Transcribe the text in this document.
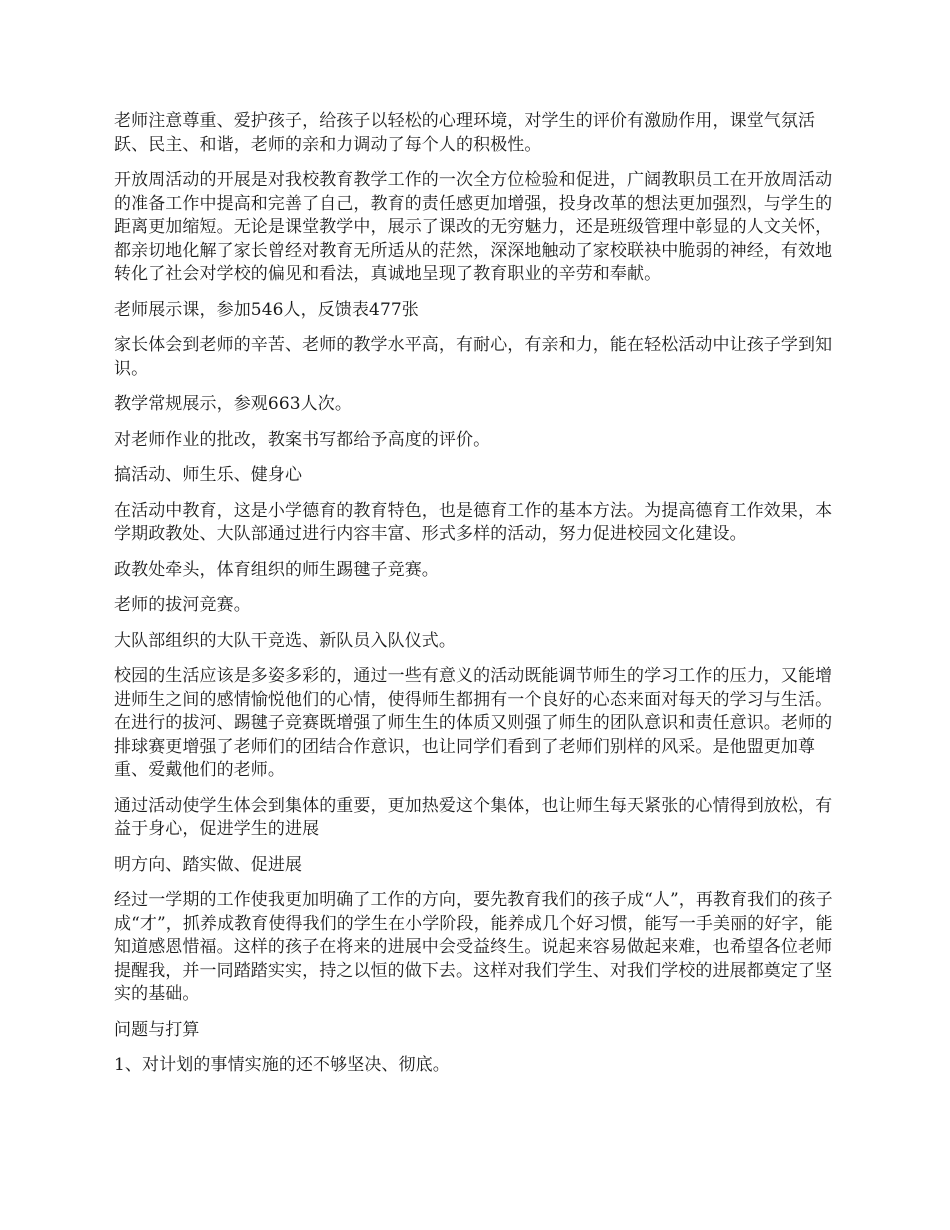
老师注意尊重、爱护孩子，给孩子以轻松的心理环境，对学生的评价有激励作用，课堂气氛活跃、民主、和谐，老师的亲和力调动了每个人的积极性。

开放周活动的开展是对我校教育教学工作的一次全方位检验和促进，广阔教职员工在开放周活动的准备工作中提高和完善了自己，教育的责任感更加增强，投身改革的想法更加强烈，与学生的距离更加缩短。无论是课堂教学中，展示了课改的无穷魅力，还是班级管理中彰显的人文关怀，都亲切地化解了家长曾经对教育无所适从的茫然，深深地触动了家校联袂中脆弱的神经，有效地转化了社会对学校的偏见和看法，真诚地呈现了教育职业的辛劳和奉献。

老师展示课，参加546人，反馈表477张

家长体会到老师的辛苦、老师的教学水平高，有耐心，有亲和力，能在轻松活动中让孩子学到知识。

教学常规展示，参观663人次。

对老师作业的批改，教案书写都给予高度的评价。

搞活动、师生乐、健身心

在活动中教育，这是小学德育的教育特色，也是德育工作的基本方法。为提高德育工作效果，本学期政教处、大队部通过进行内容丰富、形式多样的活动，努力促进校园文化建设。

政教处牵头，体育组织的师生踢毽子竞赛。

老师的拔河竞赛。

大队部组织的大队干竞选、新队员入队仪式。

校园的生活应该是多姿多彩的，通过一些有意义的活动既能调节师生的学习工作的压力，又能增进师生之间的感情愉悦他们的心情，使得师生都拥有一个良好的心态来面对每天的学习与生活。在进行的拔河、踢毽子竞赛既增强了师生生的体质又则强了师生的团队意识和责任意识。老师的排球赛更增强了老师们的团结合作意识，也让同学们看到了老师们别样的风采。是他盟更加尊重、爱戴他们的老师。

通过活动使学生体会到集体的重要，更加热爱这个集体，也让师生每天紧张的心情得到放松，有益于身心，促进学生的进展

明方向、踏实做、促进展

经过一学期的工作使我更加明确了工作的方向，要先教育我们的孩子成“人”，再教育我们的孩子成“才”，抓养成教育使得我们的学生在小学阶段，能养成几个好习惯，能写一手美丽的好字，能知道感恩惜福。这样的孩子在将来的进展中会受益终生。说起来容易做起来难，也希望各位老师提醒我，并一同踏踏实实，持之以恒的做下去。这样对我们学生、对我们学校的进展都奠定了坚实的基础。

问题与打算

1、对计划的事情实施的还不够坚决、彻底。
